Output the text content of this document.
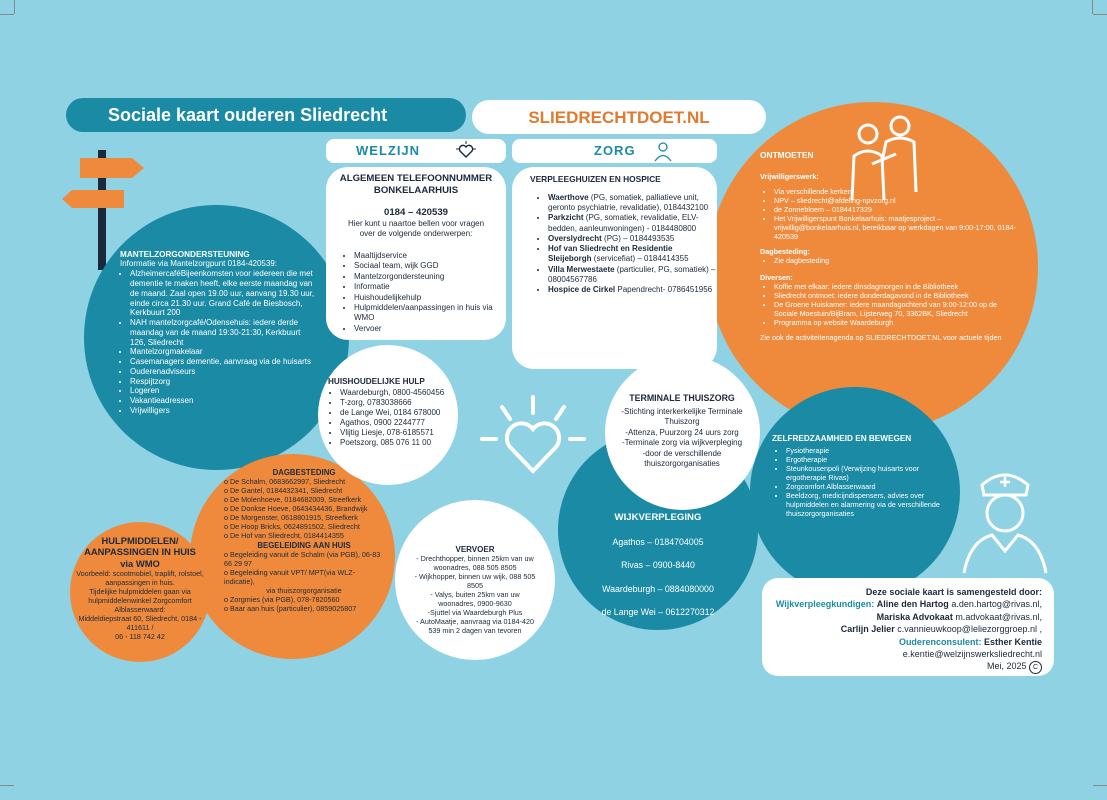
Sociale kaart ouderen Sliedrecht	SLIEDRECHTDOET.NL
WELZIJN	ZORG
ALGEMEEN TELEFOONNUMMER BONKELAARHUIS
0184 – 420539
Hier kunt u naartoe bellen voor vragen over de volgende onderwerpen:
• Maaltijdservice
• Sociaal team, wijk GGD
• Mantelzorgondersteuning
• Informatie
• Huishoudelijkehulp
• Hulpmiddelen/aanpassingen in huis via WMO
• Vervoer
VERPLEEGHUIZEN EN HOSPICE
• Waerthove (PG, somatiek, palliatieve unit, geronto psychiatrie, revalidatie), 0184432100
• Parkzicht (PG, somatiek, revalidatie, ELV-bedden, aanleunwoningen) - 0184480800
• Overslydrecht (PG) – 0184493535
• Hof van Sliedrecht en Residentie Sleijeborgh (servicefiat) – 0184414355
• Villa Merwestaete (particulier, PG, somatiek) – 08004567786
• Hospice de Cirkel Papendrecht- 0786451956
ONTMOETEN
Vrijwilligerswerk:
• Via verschillende kerken
• NPV – sliedrecht@afdeling-npvzorg.nl
• de Zonnebloem – 0184417329
• Het Vrijwilligerspunt Bonkelaarhuis: maatjesproject – vrijwillig@bonkelaarhuis.nl, bereikbaar op werkdagen van 9:00-17:00, 0184-420539
Dagbesteding:
• Zie dagbesteding
Diversen:
• Koffie met elkaar: iedere dinsdagmorgen in de Bibliotheek
• Sliedrecht ontmoet: iedere donderdagavond in de Bibliotheek
• De Groene Huiskamer: iedere maandagochtend van 9:00-12:00 op de Sociale Moestuin/BijBram, Lijsterweg 70, 3362BK, Sliedrecht
• Programma op website Waardeburgh
Zie ook de activiteitenagenda op SLIEDRECHTDOET.NL voor actuele tijden
MANTELZORGONDERSTEUNING
Informatie via Mantelzorgpunt 0184-420539:
• AlzheimercaféBijeenkomsten voor iedereen die met dementie te maken heeft, elke eerste maandag van de maand. Zaal open 19.00 uur, aanvang 19.30 uur, einde circa 21.30 uur. Grand Café de Biesbosch, Kerkbuurt 200
• NAH mantelzorgcafé/Odensehuis: iedere derde maandag van de maand 19:30-21:30, Kerkbuurt 126, Sliedrecht
• Mantelzorgmakelaar
• Casemanagers dementie, aanvraag via de huisarts
• Ouderenadviseurs
• Respijtzorg
• Logeren
• Vakantieadressen
• Vrijwilligers
HUISHOUDELIJKE HULP
• Waardeburgh, 0800-4560456
• T-zorg, 0783038666
• de Lange Wei, 0184 678000
• Agathos, 0900 2244777
• Vlijtig Liesje, 078-6185571
• Poetszorg, 085 076 11 00
TERMINALE THUISZORG
-Stichting interkerkelijke Terminale Thuiszorg
-Attenza, Puurzorg 24 uurs zorg
-Terminale zorg via wijkverpleging
-door de verschillende thuiszorgorganisaties
ZELFREDZAAMHEID EN BEWEGEN
• Fysiotherapie
• Ergotherapie
• Steunkousenpoli (Verwijzing huisarts voor ergotherapie Rivas)
• Zorgcomfort Alblasserwaard
• Beeldzorg, medicijndispensers, advies over hulpmiddelen en alarmering via de verschillende thuiszorgorganisaties
DAGBESTEDING
o De Schalm, 0683662997, Sliedrecht
o De Gantel, 0184432341, Sliedrecht
o De Molenhoeve, 0184682009, Streefkerk
o De Donkse Hoeve, 0643434436, Brandwijk
o De Morgenster, 0618801915, Streefkerk
o De Hoop Bricks, 0624891502, Sliedrecht
o De Hof van Sliedrecht, 0184414355
BEGELEIDING AAN HUIS
o Begeleiding vanuit de Schalm (via PGB), 06-83 66 29 97
o Begeleiding vanuit VPT/ MPT(via WLZ-indicatie),
via thuiszorgorganisatie
o Zorgmies (via PGB), 078-7820560
o Baar aan huis (particulier), 0859025807
HULPMIDDELEN/ AANPASSINGEN IN HUIS
via WMO
Voorbeeld: scootmobiel, traplift, rolstoel, aanpassingen in huis.
Tijdelijke hulpmiddelen gaan via hulpmiddelenwinkel Zorgcomfort Alblasserwaard:
Middeldiepstraat 60, Sliedrecht, 0184 - 411611 /
06 - 118 742 42
VERVOER
- Drechthopper, binnen 25km van uw woonadres, 088 505 8505
- Wijkhopper, binnen uw wijk, 088 505 8505
- Valys, buiten 25km van uw woonadres, 0900-9630
-Sjuttel via Waardeburgh Plus
- AutoMaatje, aanvraag via 0184-420 539 min 2 dagen van tevoren
WIJKVERPLEGING
Agathos – 0184704005
Rivas – 0900-8440
Waardeburgh – 0884080000
de Lange Wei – 0612270312
Deze sociale kaart is samengesteld door:
Wijkverpleegkundigen: Aline den Hartog a.den.hartog@rivas.nl,
Mariska Advokaat m.advokaat@rivas.nl,
Carlijn Jelier c.vannieuwkoop@leliezorggroep.nl ,
Ouderenconsulent: Esther Kentie
e.kentie@welzijnswerksliedrecht.nl
Mei, 2025 C
